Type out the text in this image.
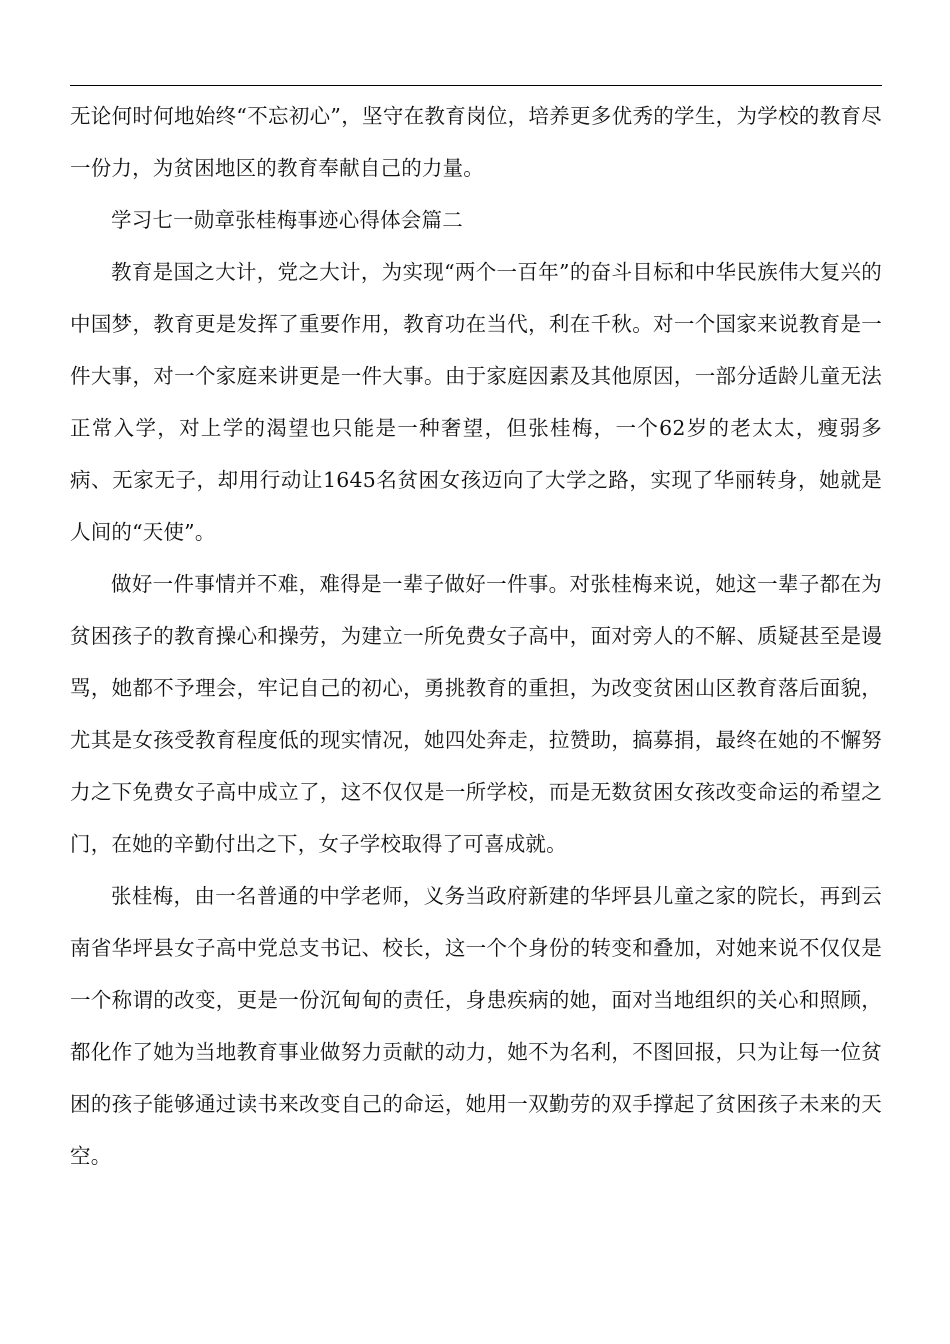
无论何时何地始终“不忘初心”，坚守在教育岗位，培养更多优秀的学生，为学校的教育尽一份力，为贫困地区的教育奉献自己的力量。

学习七一勋章张桂梅事迹心得体会篇二

教育是国之大计，党之大计，为实现“两个一百年”的奋斗目标和中华民族伟大复兴的中国梦，教育更是发挥了重要作用，教育功在当代，利在千秋。对一个国家来说教育是一件大事，对一个家庭来讲更是一件大事。由于家庭因素及其他原因，一部分适龄儿童无法正常入学，对上学的渴望也只能是一种奢望，但张桂梅，一个62岁的老太太，瘦弱多病、无家无子，却用行动让1645名贫困女孩迈向了大学之路，实现了华丽转身，她就是人间的“天使”。

做好一件事情并不难，难得是一辈子做好一件事。对张桂梅来说，她这一辈子都在为贫困孩子的教育操心和操劳，为建立一所免费女子高中，面对旁人的不解、质疑甚至是谩骂，她都不予理会，牢记自己的初心，勇挑教育的重担，为改变贫困山区教育落后面貌，尤其是女孩受教育程度低的现实情况，她四处奔走，拉赞助，搞募捐，最终在她的不懈努力之下免费女子高中成立了，这不仅仅是一所学校，而是无数贫困女孩改变命运的希望之门，在她的辛勤付出之下，女子学校取得了可喜成就。

张桂梅，由一名普通的中学老师，义务当政府新建的华坪县儿童之家的院长，再到云南省华坪县女子高中党总支书记、校长，这一个个身份的转变和叠加，对她来说不仅仅是一个称谓的改变，更是一份沉甸甸的责任，身患疾病的她，面对当地组织的关心和照顾，都化作了她为当地教育事业做努力贡献的动力，她不为名利，不图回报，只为让每一位贫困的孩子能够通过读书来改变自己的命运，她用一双勤劳的双手撑起了贫困孩子未来的天空。
